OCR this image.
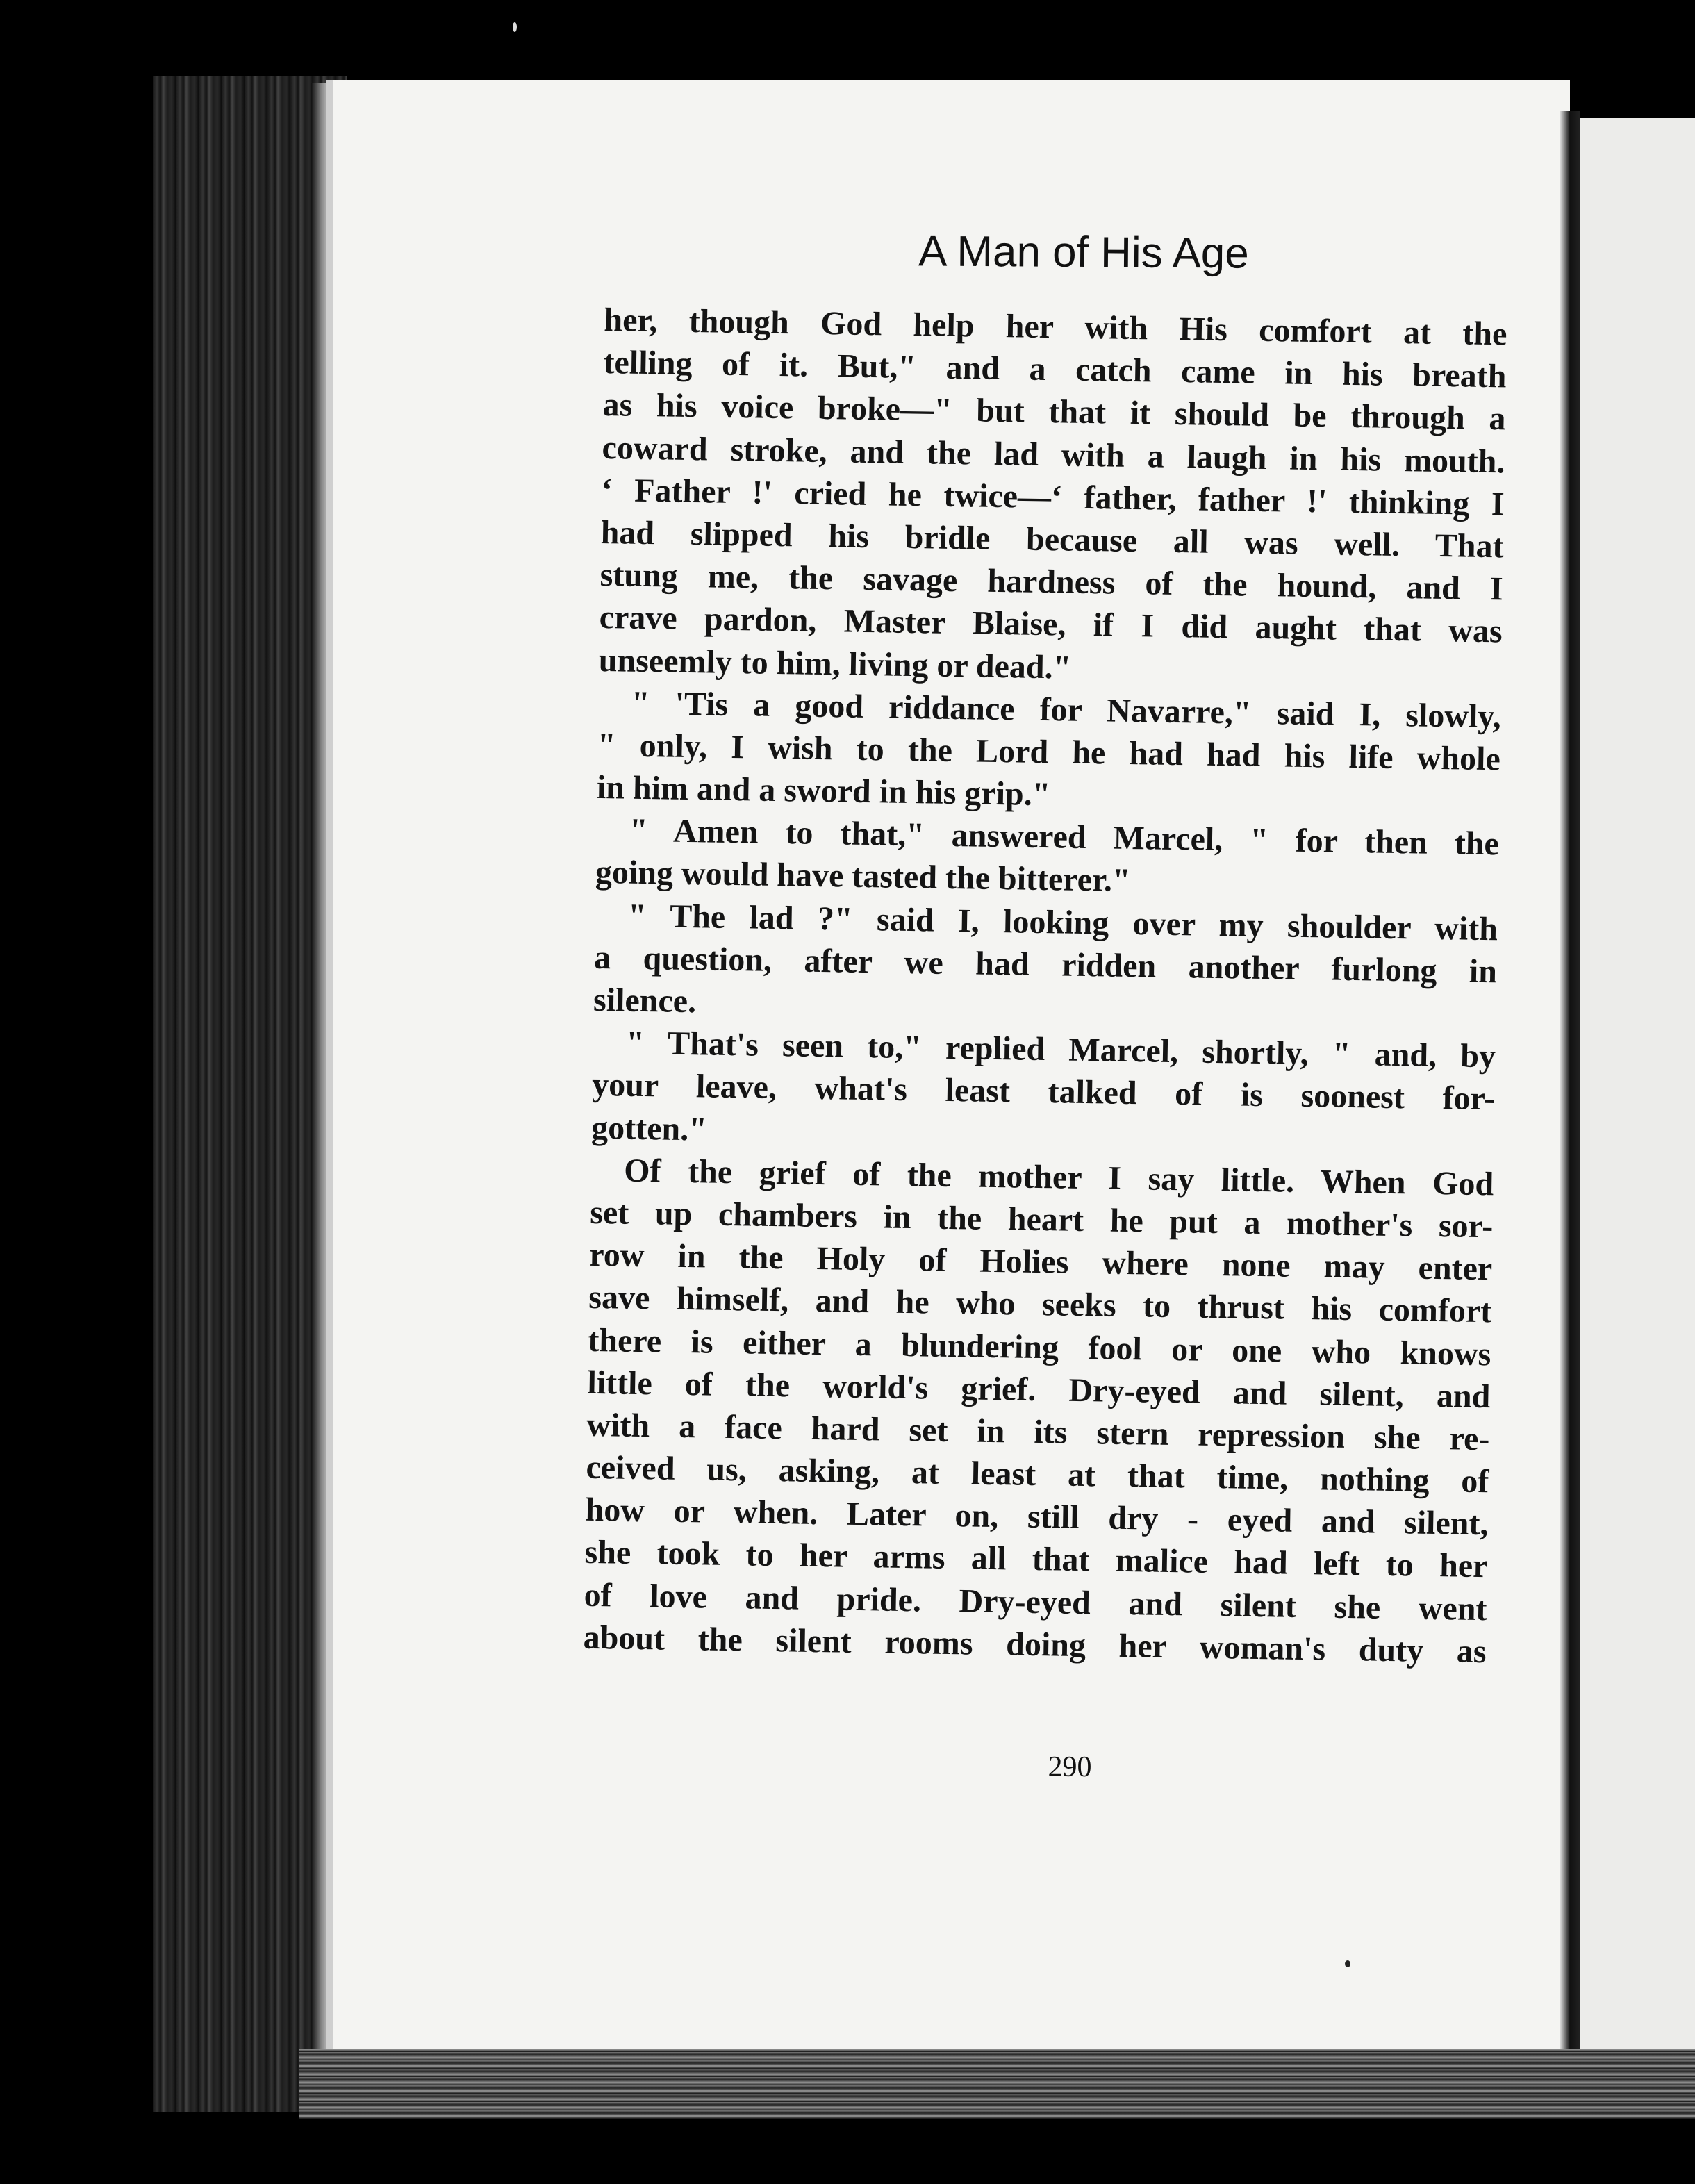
A Man of His Age
her, though God help her with His comfort at the
telling of it. But," and a catch came in his breath
as his voice broke—" but that it should be through a
coward stroke, and the lad with a laugh in his mouth.
‘ Father !' cried he twice—‘ father, father !' thinking I
had slipped his bridle because all was well. That
stung me, the savage hardness of the hound, and I
crave pardon, Master Blaise, if I did aught that was
unseemly to him, living or dead."
" 'Tis a good riddance for Navarre," said I, slowly,
" only, I wish to the Lord he had had his life whole
in him and a sword in his grip."
" Amen to that," answered Marcel, " for then the
going would have tasted the bitterer."
" The lad ?" said I, looking over my shoulder with
a question, after we had ridden another furlong in
silence.
" That's seen to," replied Marcel, shortly, " and, by
your leave, what's least talked of is soonest for-
gotten."
Of the grief of the mother I say little. When God
set up chambers in the heart he put a mother's sor-
row in the Holy of Holies where none may enter
save himself, and he who seeks to thrust his comfort
there is either a blundering fool or one who knows
little of the world's grief. Dry-eyed and silent, and
with a face hard set in its stern repression she re-
ceived us, asking, at least at that time, nothing of
how or when. Later on, still dry - eyed and silent,
she took to her arms all that malice had left to her
of love and pride. Dry-eyed and silent she went
about the silent rooms doing her woman's duty as
290
